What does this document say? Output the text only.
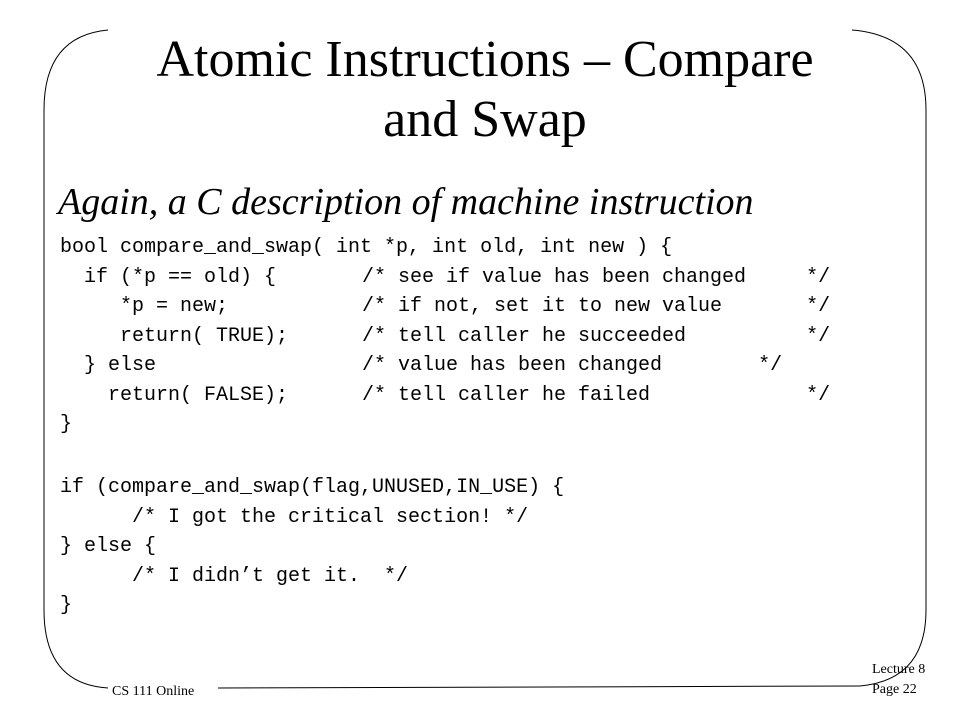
Atomic Instructions – Compare
and Swap
Again, a C description of machine instruction
bool compare_and_swap( int *p, int old, int new ) {
if (*p == old) {	/* see if value has been changed     */
*p = new;	/* if not, set it to new value       */
return( TRUE);	/* tell caller he succeeded          */
} else	/* value has been changed        */
return( FALSE);	/* tell caller he failed             */
}
if (compare_and_swap(flag,UNUSED,IN_USE) {
/* I got the critical section! */
} else {
/* I didn’t get it.  */
}
CS 111 Online
Lecture 8
Page 22
